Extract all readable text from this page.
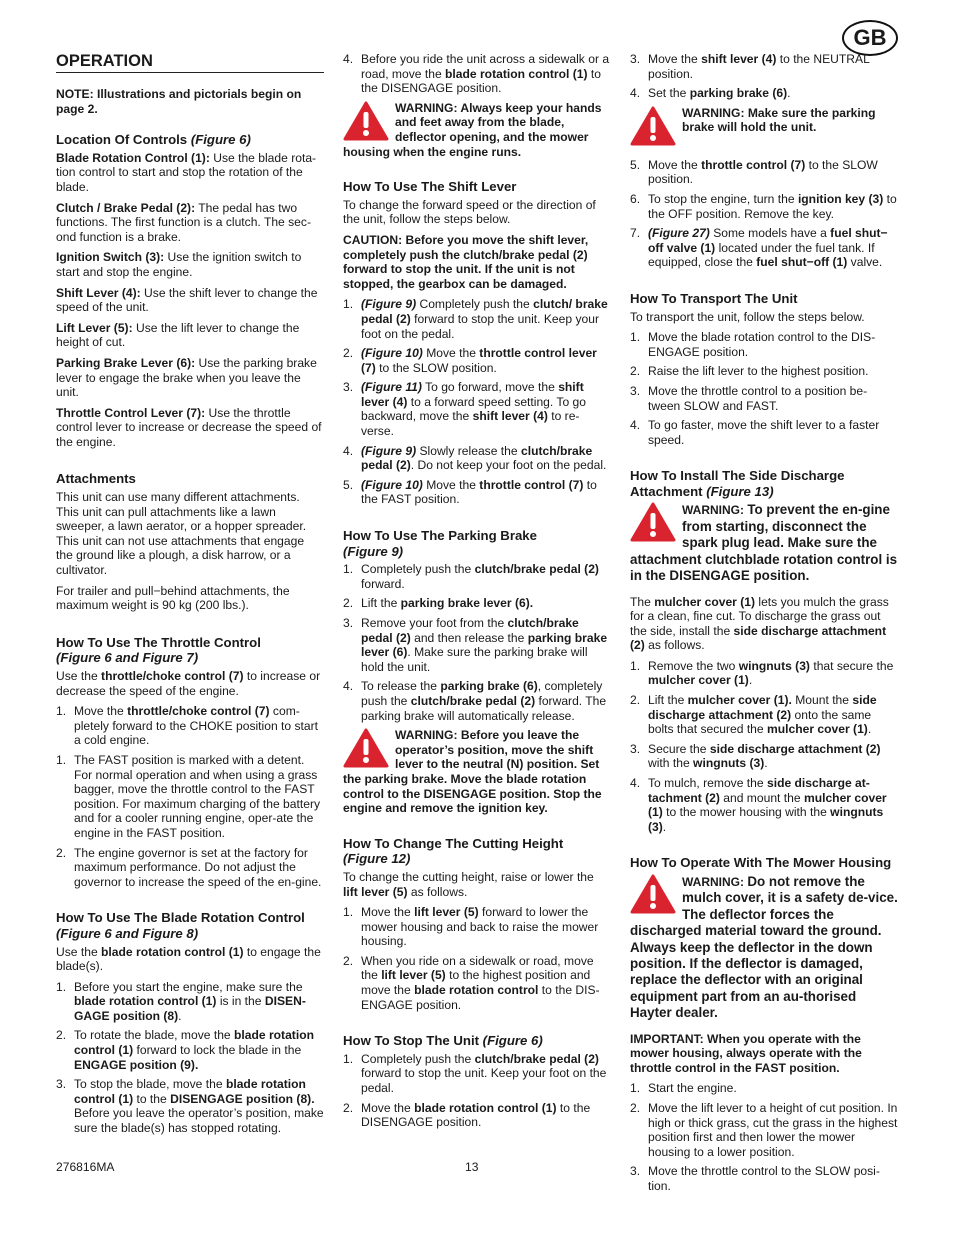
GB
OPERATION

NOTE: Illustrations and pictorials begin on page 2.

Location Of Controls (Figure 6)

Blade Rotation Control (1): Use the blade rota-tion control to start and stop the rotation of the blade.

Clutch / Brake Pedal (2): The pedal has two functions. The first function is a clutch. The sec-ond function is a brake.

Ignition Switch (3): Use the ignition switch to start and stop the engine.

Shift Lever (4): Use the shift lever to change the speed of the unit.

Lift Lever (5): Use the lift lever to change the height of cut.

Parking Brake Lever (6): Use the parking brake lever to engage the brake when you leave the unit.

Throttle Control Lever (7): Use the throttle control lever to increase or decrease the speed of the engine.

Attachments

This unit can use many different attachments. This unit can pull attachments like a lawn sweeper, a lawn aerator, or a hopper spreader. This unit can not use attachments that engage the ground like a plough, a disk harrow, or a cultivator.

For trailer and pull−behind attachments, the maximum weight is 90 kg (200 lbs.).

How To Use The Throttle Control
(Figure 6 and Figure 7)

Use the throttle/choke control (7) to increase or decrease the speed of the engine.

1. Move the throttle/choke control (7) com-pletely forward to the CHOKE position to start a cold engine.
1. The FAST position is marked with a detent. For normal operation and when using a grass bagger, move the throttle control to the FAST position. For maximum charging of the battery and for a cooler running engine, oper-ate the engine in the FAST position.
2. The engine governor is set at the factory for maximum performance. Do not adjust the governor to increase the speed of the en-gine.
How To Use The Blade Rotation Control
(Figure 6 and Figure 8)

Use the blade rotation control (1) to engage the blade(s).

1. Before you start the engine, make sure the blade rotation control (1) is in the DISEN-GAGE position (8).
2. To rotate the blade, move the blade rotation control (1) forward to lock the blade in the ENGAGE position (9).
3. To stop the blade, move the blade rotation control (1) to the DISENGAGE position (8). Before you leave the operator’s position, make sure the blade(s) has stopped rotating.
4. Before you ride the unit across a sidewalk or a road, move the blade rotation control (1) to the DISENGAGE position.
WARNING: Always keep your hands and feet away from the blade, deflector opening, and the mower housing when the engine runs.
How To Use The Shift Lever

To change the forward speed or the direction of the unit, follow the steps below.

CAUTION: Before you move the shift lever, completely push the clutch/brake pedal (2) forward to stop the unit. If the unit is not stopped, the gearbox can be damaged.

1. (Figure 9) Completely push the clutch/ brake pedal (2) forward to stop the unit. Keep your foot on the pedal.
2. (Figure 10) Move the throttle control lever (7) to the SLOW position.
3. (Figure 11) To go forward, move the shift lever (4) to a forward speed setting. To go backward, move the shift lever (4) to re-verse.
4. (Figure 9) Slowly release the clutch/brake pedal (2). Do not keep your foot on the pedal.
5. (Figure 10) Move the throttle control (7) to the FAST position.
How To Use The Parking Brake
(Figure 9)
1. Completely push the clutch/brake pedal (2) forward.
2. Lift the parking brake lever (6).
3. Remove your foot from the clutch/brake pedal (2) and then release the parking brake lever (6). Make sure the parking brake will hold the unit.
4. To release the parking brake (6), completely push the clutch/brake pedal (2) forward. The parking brake will automatically release.
WARNING: Before you leave the operator’s position, move the shift lever to the neutral (N) position. Set the parking brake. Move the blade rotation control to the DISENGAGE position. Stop the engine and remove the ignition key.
How To Change The Cutting Height
(Figure 12)

To change the cutting height, raise or lower the lift lever (5) as follows.

1. Move the lift lever (5) forward to lower the mower housing and back to raise the mower housing.
2. When you ride on a sidewalk or road, move the lift lever (5) to the highest position and move the blade rotation control to the DIS-ENGAGE position.
How To Stop The Unit (Figure 6)
1. Completely push the clutch/brake pedal (2) forward to stop the unit. Keep your foot on the pedal.
2. Move the blade rotation control (1) to the DISENGAGE position.
3. Move the shift lever (4) to the NEUTRAL position.
4. Set the parking brake (6).
WARNING: Make sure the parking brake will hold the unit.
5. Move the throttle control (7) to the SLOW position.
6. To stop the engine, turn the ignition key (3) to the OFF position. Remove the key.
7. (Figure 27) Some models have a fuel shut− off valve (1) located under the fuel tank. If equipped, close the fuel shut−off (1) valve.
How To Transport The Unit

To transport the unit, follow the steps below.

1. Move the blade rotation control to the DIS-ENGAGE position.
2. Raise the lift lever to the highest position.
3. Move the throttle control to a position be-tween SLOW and FAST.
4. To go faster, move the shift lever to a faster speed.
How To Install The Side Discharge Attachment (Figure 13)
WARNING: To prevent the en-gine from starting, disconnect the spark plug lead. Make sure the attachment clutchblade rotation control is in the DISENGAGE position.

The mulcher cover (1) lets you mulch the grass for a clean, fine cut. To discharge the grass out the side, install the side discharge attachment (2) as follows.

1. Remove the two wingnuts (3) that secure the mulcher cover (1).
2. Lift the mulcher cover (1). Mount the side discharge attachment (2) onto the same bolts that secured the mulcher cover (1).
3. Secure the side discharge attachment (2) with the wingnuts (3).
4. To mulch, remove the side discharge at-tachment (2) and mount the mulcher cover (1) to the mower housing with the wingnuts (3).
How To Operate With The Mower Housing
WARNING: Do not remove the mulch cover, it is a safety de-vice. The deflector forces the discharged material toward the ground. Always keep the deflector in the down position. If the deflector is damaged, replace the deflector with an original equipment part from an au-thorised Hayter dealer.

IMPORTANT: When you operate with the mower housing, always operate with the throttle control in the FAST position.

1. Start the engine.
2. Move the lift lever to a height of cut position. In high or thick grass, cut the grass in the highest position first and then lower the mower housing to a lower position.
3. Move the throttle control to the SLOW posi-tion.
276816MA	13
